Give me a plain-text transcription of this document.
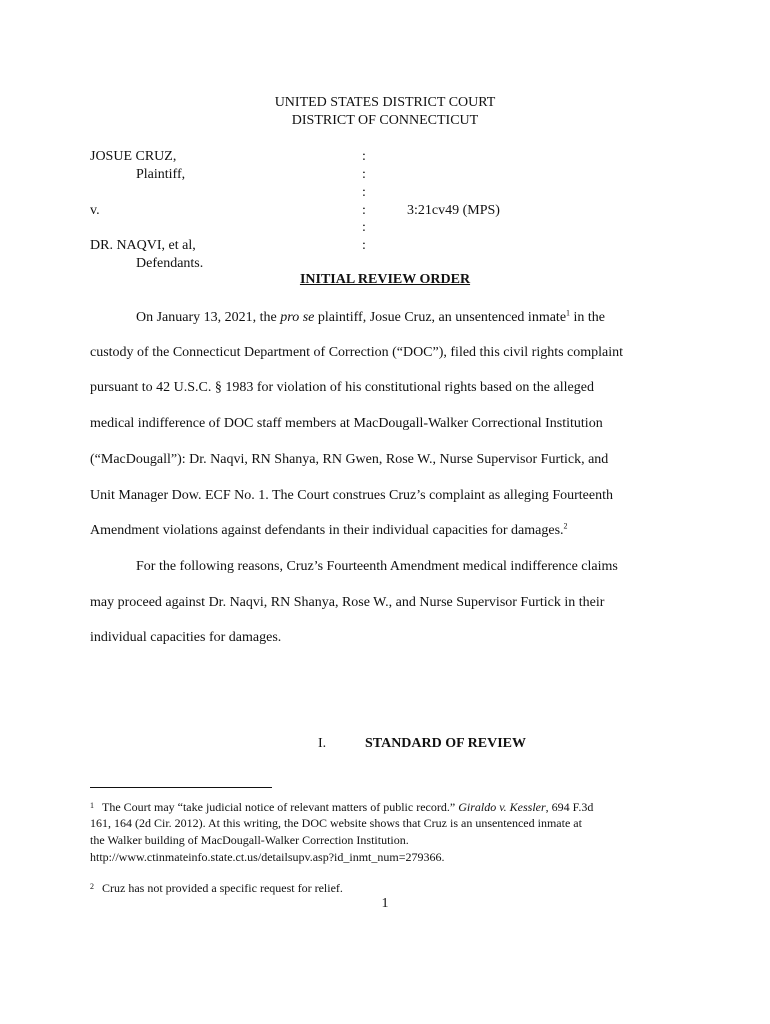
UNITED STATES DISTRICT COURT
DISTRICT OF CONNECTICUT
JOSUE CRUZ,
Plaintiff,
v.
DR. NAQVI, et al,
Defendants.
:
:
:
:
:
:
3:21cv49 (MPS)
INITIAL REVIEW ORDER
On January 13, 2021, the pro se plaintiff, Josue Cruz, an unsentenced inmate$^1$ in the
custody of the Connecticut Department of Correction (“DOC”), filed this civil rights complaint
pursuant to 42 U.S.C. § 1983 for violation of his constitutional rights based on the alleged
medical indifference of DOC staff members at MacDougall-Walker Correctional Institution
(“MacDougall”): Dr. Naqvi, RN Shanya, RN Gwen, Rose W., Nurse Supervisor Furtick, and
Unit Manager Dow. ECF No. 1. The Court construes Cruz’s complaint as alleging Fourteenth
Amendment violations against defendants in their individual capacities for damages.$^2$
For the following reasons, Cruz’s Fourteenth Amendment medical indifference claims
may proceed against Dr. Naqvi, RN Shanya, Rose W., and Nurse Supervisor Furtick in their
individual capacities for damages.
I.	STANDARD OF REVIEW
$^1$ The Court may “take judicial notice of relevant matters of public record.” Giraldo v. Kessler, 694 F.3d
161, 164 (2d Cir. 2012). At this writing, the DOC website shows that Cruz is an unsentenced inmate at
the Walker building of MacDougall-Walker Correction Institution.
http://www.ctinmateinfo.state.ct.us/detailsupv.asp?id_inmt_num=279366.
$^2$ Cruz has not provided a specific request for relief.
1
